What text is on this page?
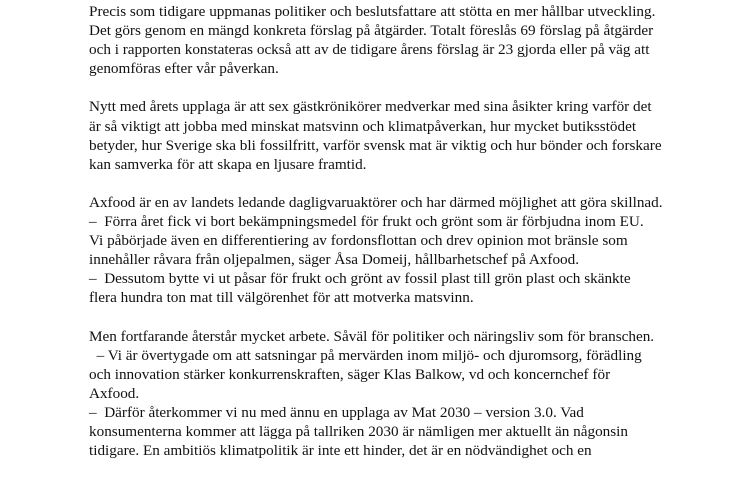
Precis som tidigare uppmanas politiker och beslutsfattare att stötta en mer hållbar utveckling.
Det görs genom en mängd konkreta förslag på åtgärder. Totalt föreslås 69 förslag på åtgärder
och i rapporten konstateras också att av de tidigare årens förslag är 23 gjorda eller på väg att
genomföras efter vår påverkan.

Nytt med årets upplaga är att sex gästkrönikörer medverkar med sina åsikter kring varför det
är så viktigt att jobba med minskat matsvinn och klimatpåverkan, hur mycket butiksstödet
betyder, hur Sverige ska bli fossilfritt, varför svensk mat är viktig och hur bönder och forskare
kan samverka för att skapa en ljusare framtid.

Axfood är en av landets ledande dagligvaruaktörer och har därmed möjlighet att göra skillnad.
–  Förra året fick vi bort bekämpningsmedel för frukt och grönt som är förbjudna inom EU.
Vi påbörjade även en differentiering av fordonsflottan och drev opinion mot bränsle som
innehåller råvara från oljepalmen, säger Åsa Domeij, hållbarhetschef på Axfood.
–  Dessutom bytte vi ut påsar för frukt och grönt av fossil plast till grön plast och skänkte
flera hundra ton mat till välgörenhet för att motverka matsvinn.

Men fortfarande återstår mycket arbete. Såväl för politiker och näringsliv som för branschen.
– Vi är övertygade om att satsningar på mervärden inom miljö- och djuromsorg, förädling
och innovation stärker konkurrenskraften, säger Klas Balkow, vd och koncernchef för
Axfood.
–  Därför återkommer vi nu med ännu en upplaga av Mat 2030 – version 3.0. Vad
konsumenterna kommer att lägga på tallriken 2030 är nämligen mer aktuellt än någonsin
tidigare. En ambitiös klimatpolitik är inte ett hinder, det är en nödvändighet och en
